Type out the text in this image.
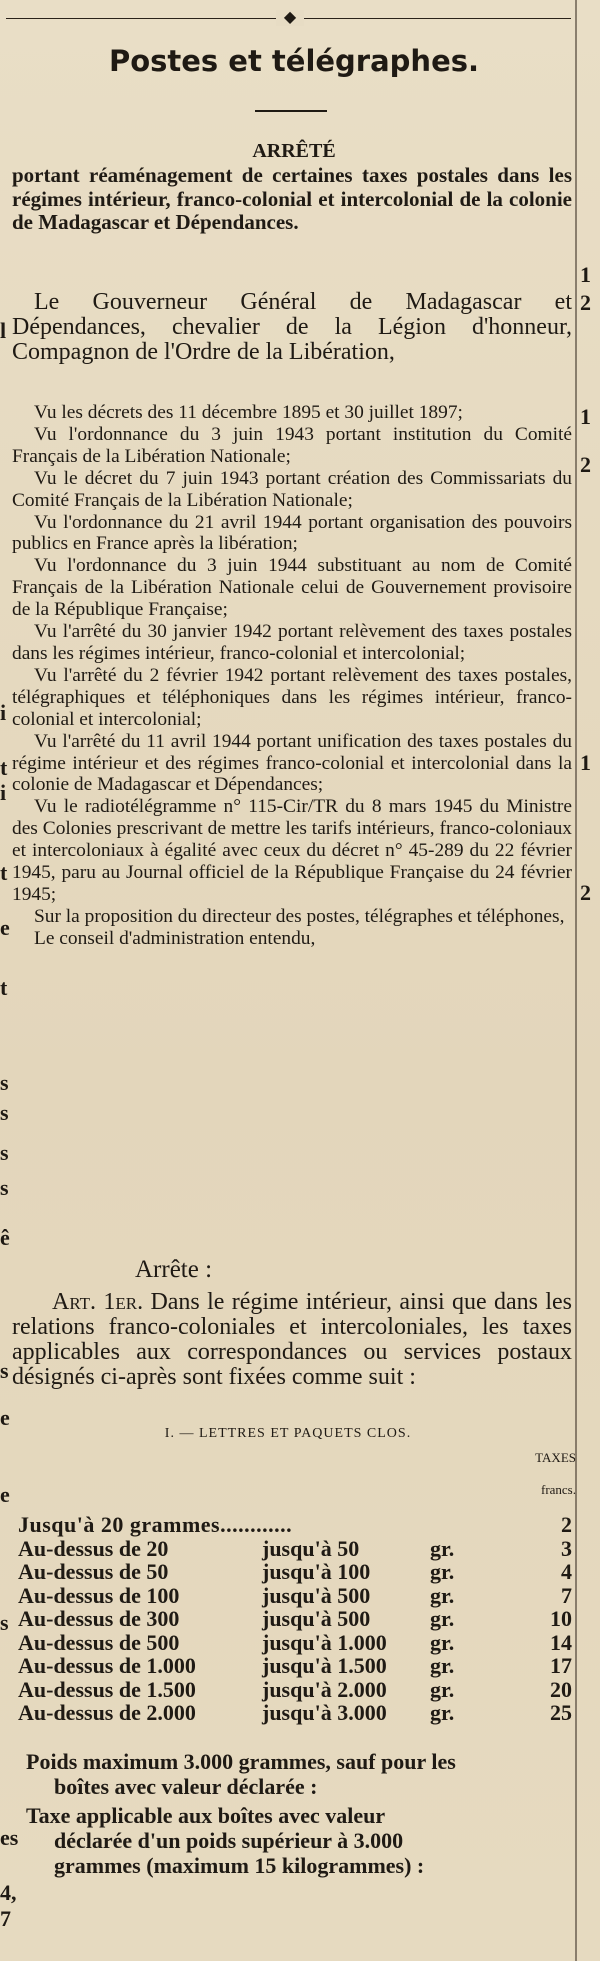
◆
l
i
t
i
t
e
t
s
s
s
s
ê
s
e
e
s
es
4,
7
1
2
1
2
1
2
Postes et télégraphes.
ARRÊTÉ
portant réaménagement de certaines taxes postales dans les régimes intérieur, franco-colonial et intercolonial de la colonie de Madagascar et Dépendances.
Le Gouverneur Général de Madagascar et Dépendances, chevalier de la Légion d'honneur, Compagnon de l'Ordre de la Libération,

Vu les décrets des 11 décembre 1895 et 30 juillet 1897;

Vu l'ordonnance du 3 juin 1943 portant institution du Comité Français de la Libération Nationale;

Vu le décret du 7 juin 1943 portant création des Commissariats du Comité Français de la Libération Nationale;

Vu l'ordonnance du 21 avril 1944 portant organisation des pouvoirs publics en France après la libération;

Vu l'ordonnance du 3 juin 1944 substituant au nom de Comité Français de la Libération Nationale celui de Gouvernement provisoire de la République Française;

Vu l'arrêté du 30 janvier 1942 portant relèvement des taxes postales dans les régimes intérieur, franco-colonial et intercolonial;

Vu l'arrêté du 2 février 1942 portant relèvement des taxes postales, télégraphiques et téléphoniques dans les régimes intérieur, franco-colonial et intercolonial;

Vu l'arrêté du 11 avril 1944 portant unification des taxes postales du régime intérieur et des régimes franco-colonial et intercolonial dans la colonie de Madagascar et Dépendances;

Vu le radiotélégramme n° 115-Cir/TR du 8 mars 1945 du Ministre des Colonies prescrivant de mettre les tarifs intérieurs, franco-coloniaux et intercoloniaux à égalité avec ceux du décret n° 45-289 du 22 février 1945, paru au Journal officiel de la République Française du 24 février 1945;

Sur la proposition du directeur des postes, télégraphes et téléphones,

Le conseil d'administration entendu,

Arrête :
Art. 1er. Dans le régime intérieur, ainsi que dans les relations franco-coloniales et intercoloniales, les taxes applicables aux correspondances ou services postaux désignés ci-après sont fixées comme suit :
I. — LETTRES ET PAQUETS CLOS.
TAXES
francs.
Jusqu'à 20 grammes............	2
Au-dessus de 20	jusqu'à 50	gr.	3
Au-dessus de 50	jusqu'à 100	gr.	4
Au-dessus de 100	jusqu'à 500	gr.	7
Au-dessus de 300	jusqu'à 500	gr.	10
Au-dessus de 500	jusqu'à 1.000 gr.	14
Au-dessus de 1.000	jusqu'à 1.500 gr.	17
Au-dessus de 1.500	jusqu'à 2.000 gr.	20
Au-dessus de 2.000	jusqu'à 3.000 gr.	25

Poids maximum 3.000 grammes, sauf pour les boîtes avec valeur déclarée :

Taxe applicable aux boîtes avec valeur déclarée d'un poids supérieur à 3.000 grammes (maximum 15 kilogrammes) :
